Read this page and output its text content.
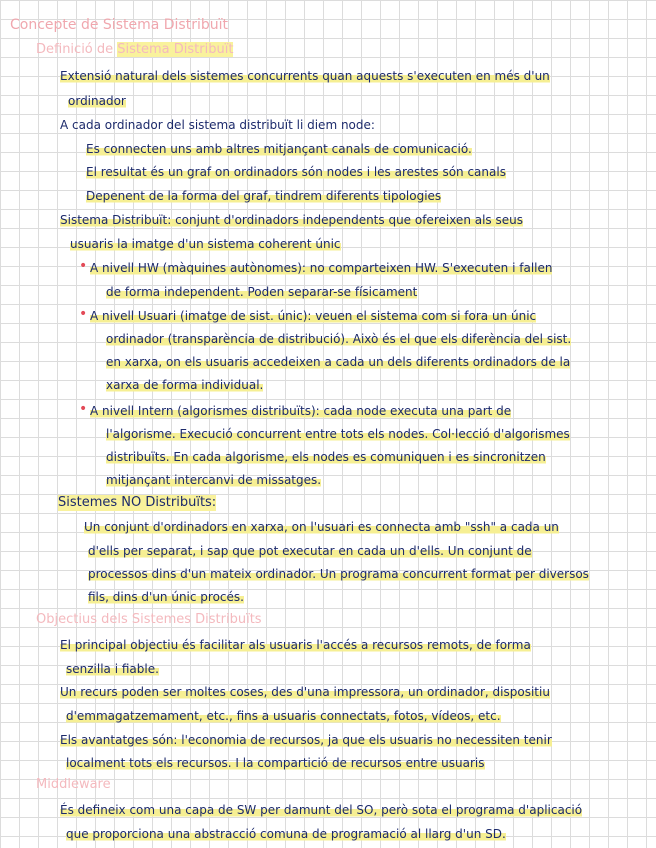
Concepte de Sistema Distribuït
Definició de Sistema Distribuït
Extensió natural dels sistemes concurrents quan aquests s'executen en més d'un
ordinador
A cada ordinador del sistema distribuït li diem node:
Es connecten uns amb altres mitjançant canals de comunicació.
El resultat és un graf on ordinadors són nodes i les arestes són canals
Depenent de la forma del graf, tindrem diferents tipologies
Sistema Distribuït: conjunt d'ordinadors independents que ofereixen als seus
usuaris la imatge d'un sistema coherent únic
• A nivell HW (màquines autònomes): no comparteixen HW. S'executen i fallen
de forma independent. Poden separar-se físicament
• A nivell Usuari (imatge de sist. únic): veuen el sistema com si fora un únic
ordinador (transparència de distribució). Això és el que els diferència del sist.
en xarxa, on els usuaris accedeixen a cada un dels diferents ordinadors de la
xarxa de forma individual.
• A nivell Intern (algorismes distribuïts): cada node executa una part de
l'algorisme. Execució concurrent entre tots els nodes. Col·lecció d'algorismes
distribuïts. En cada algorisme, els nodes es comuniquen i es sincronitzen
mitjançant intercanvi de missatges.
Sistemes NO Distribuïts:
Un conjunt d'ordinadors en xarxa, on l'usuari es connecta amb "ssh" a cada un
d'ells per separat, i sap que pot executar en cada un d'ells. Un conjunt de
processos dins d'un mateix ordinador. Un programa concurrent format per diversos
fils, dins d'un únic procés.
Objectius dels Sistemes Distribuïts
El principal objectiu és facilitar als usuaris l'accés a recursos remots, de forma
senzilla i fiable.
Un recurs poden ser moltes coses, des d'una impressora, un ordinador, dispositiu
d'emmagatzemament, etc., fins a usuaris connectats, fotos, vídeos, etc.
Els avantatges són: l'economia de recursos, ja que els usuaris no necessiten tenir
localment tots els recursos. I la compartició de recursos entre usuaris
Middleware
És defineix com una capa de SW per damunt del SO, però sota el programa d'aplicació
que proporciona una abstracció comuna de programació al llarg d'un SD.
